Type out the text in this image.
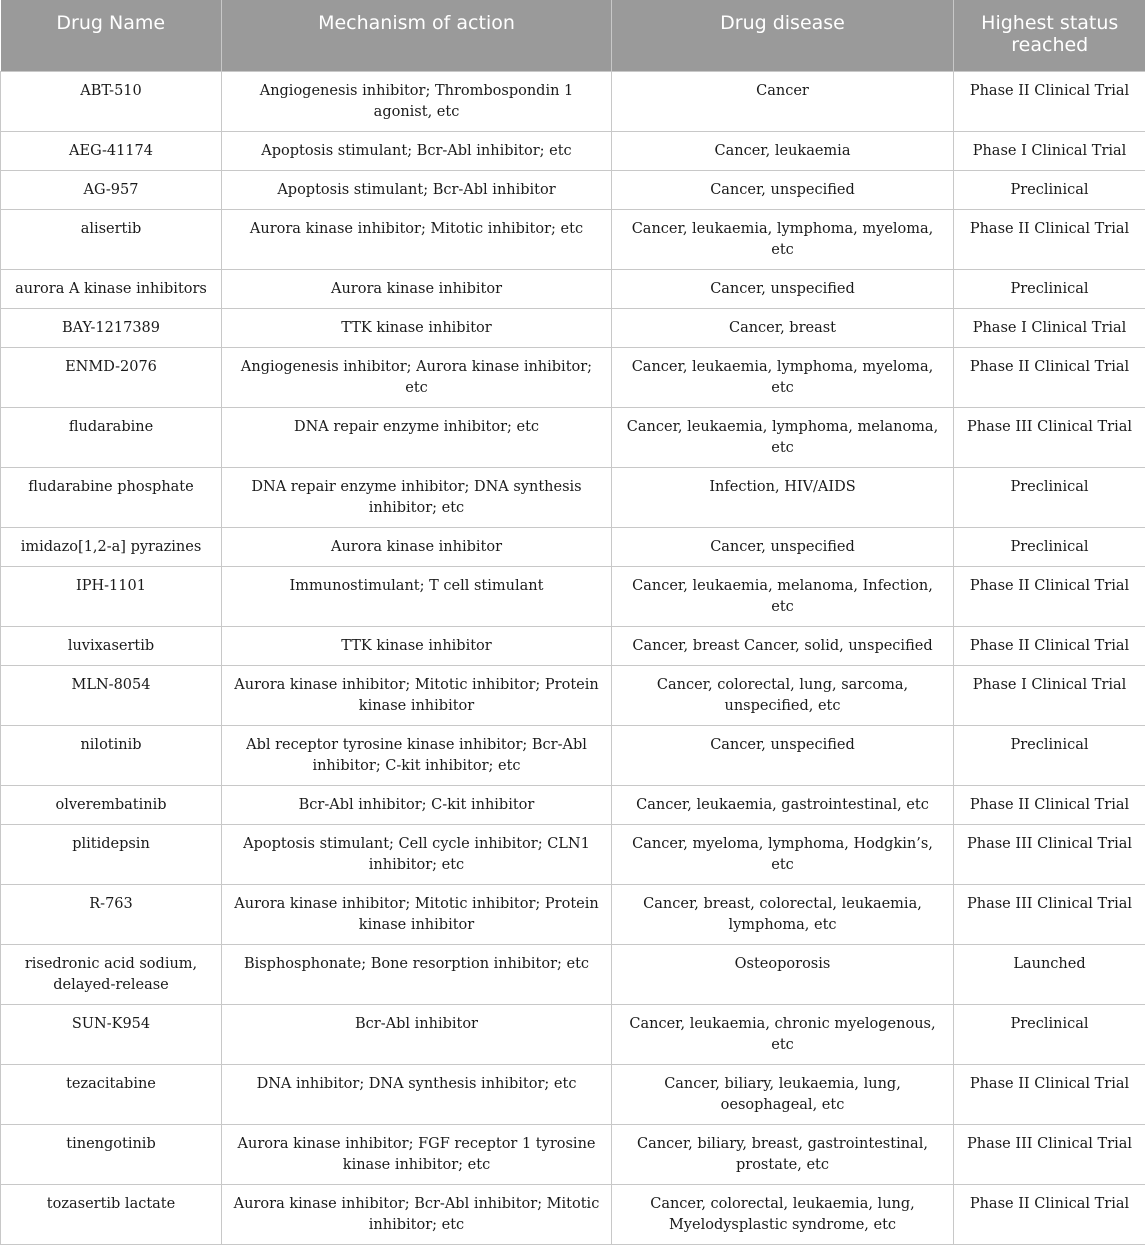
Drug Name	Mechanism of action	Drug disease	Highest status reached

ABT-510	Angiogenesis inhibitor; Thrombospondin 1 agonist, etc	Cancer	Phase II Clinical Trial
AEG-41174	Apoptosis stimulant; Bcr-Abl inhibitor; etc	Cancer, leukaemia	Phase I Clinical Trial
AG-957	Apoptosis stimulant; Bcr-Abl inhibitor	Cancer, unspecified	Preclinical
alisertib	Aurora kinase inhibitor; Mitotic inhibitor; etc	Cancer, leukaemia, lymphoma, myeloma, etc	Phase II Clinical Trial
aurora A kinase inhibitors	Aurora kinase inhibitor	Cancer, unspecified	Preclinical
BAY-1217389	TTK kinase inhibitor	Cancer, breast	Phase I Clinical Trial
ENMD-2076	Angiogenesis inhibitor; Aurora kinase inhibitor; etc	Cancer, leukaemia, lymphoma, myeloma, etc	Phase II Clinical Trial
fludarabine	DNA repair enzyme inhibitor; etc	Cancer, leukaemia, lymphoma, melanoma, etc	Phase III Clinical Trial
fludarabine phosphate	DNA repair enzyme inhibitor; DNA synthesis inhibitor; etc	Infection, HIV/AIDS	Preclinical
imidazo[1,2-a] pyrazines	Aurora kinase inhibitor	Cancer, unspecified	Preclinical
IPH-1101	Immunostimulant; T cell stimulant	Cancer, leukaemia, melanoma, Infection, etc	Phase II Clinical Trial
luvixasertib	TTK kinase inhibitor	Cancer, breast Cancer, solid, unspecified	Phase II Clinical Trial
MLN-8054	Aurora kinase inhibitor; Mitotic inhibitor; Protein kinase inhibitor	Cancer, colorectal, lung, sarcoma, unspecified, etc	Phase I Clinical Trial
nilotinib	Abl receptor tyrosine kinase inhibitor; Bcr-Abl inhibitor; C-kit inhibitor; etc	Cancer, unspecified	Preclinical
olverembatinib	Bcr-Abl inhibitor; C-kit inhibitor	Cancer, leukaemia, gastrointestinal, etc	Phase II Clinical Trial
plitidepsin	Apoptosis stimulant; Cell cycle inhibitor; CLN1 inhibitor; etc	Cancer, myeloma, lymphoma, Hodgkin’s, etc	Phase III Clinical Trial
R-763	Aurora kinase inhibitor; Mitotic inhibitor; Protein kinase inhibitor	Cancer, breast, colorectal, leukaemia, lymphoma, etc	Phase III Clinical Trial
risedronic acid sodium, delayed-release	Bisphosphonate; Bone resorption inhibitor; etc	Osteoporosis	Launched
SUN-K954	Bcr-Abl inhibitor	Cancer, leukaemia, chronic myelogenous, etc	Preclinical
tezacitabine	DNA inhibitor; DNA synthesis inhibitor; etc	Cancer, biliary, leukaemia, lung, oesophageal, etc	Phase II Clinical Trial
tinengotinib	Aurora kinase inhibitor; FGF receptor 1 tyrosine kinase inhibitor; etc	Cancer, biliary, breast, gastrointestinal, prostate, etc	Phase III Clinical Trial
tozasertib lactate	Aurora kinase inhibitor; Bcr-Abl inhibitor; Mitotic inhibitor; etc	Cancer, colorectal, leukaemia, lung, Myelodysplastic syndrome, etc	Phase II Clinical Trial
